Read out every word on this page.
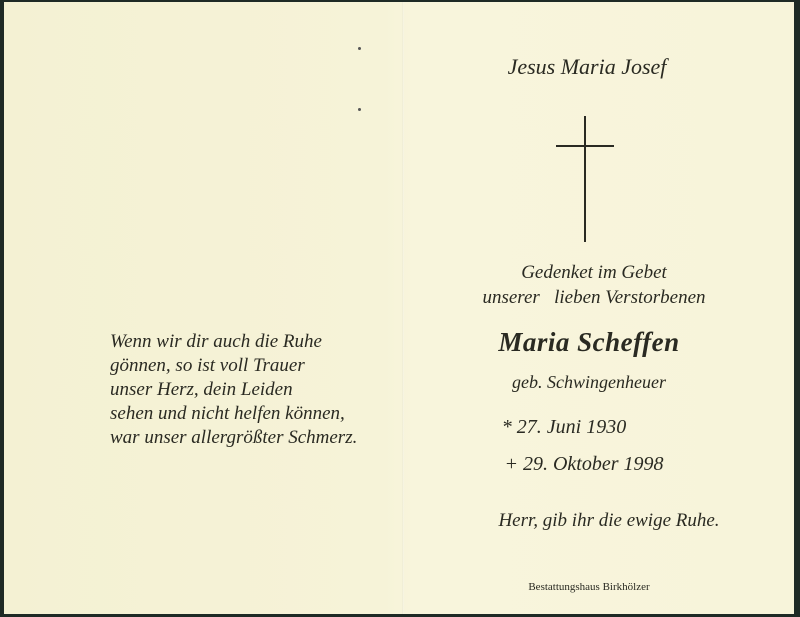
Wenn wir dir auch die Ruhe
gönnen, so ist voll Trauer
unser Herz, dein Leiden
sehen und nicht helfen können,
war unser allergrößter Schmerz.
Jesus Maria Josef
Gedenket im Gebet
unserer   lieben Verstorbenen
Maria Scheffen
geb. Schwingenheuer
* 27. Juni 1930
+ 29. Oktober 1998
Herr, gib ihr die ewige Ruhe.
Bestattungshaus Birkhölzer
